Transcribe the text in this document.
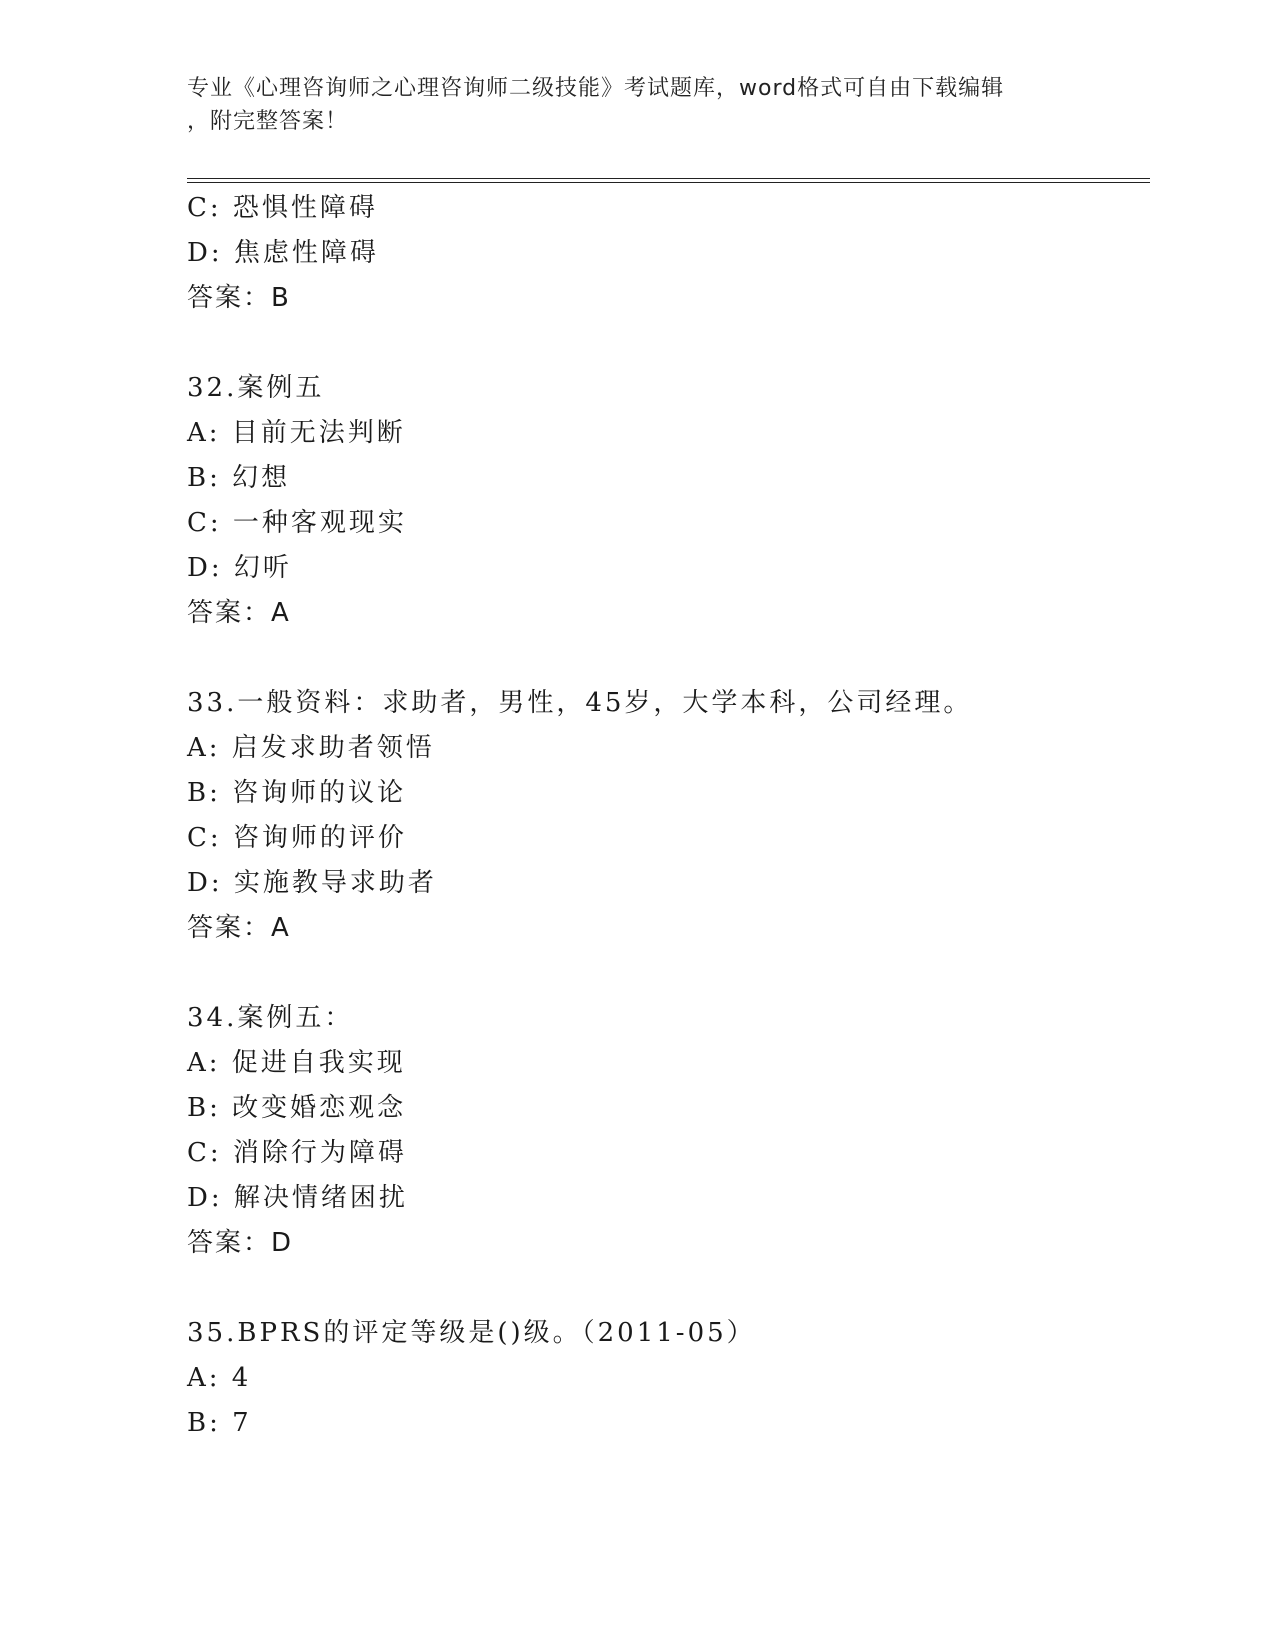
专业《心理咨询师之心理咨询师二级技能》考试题库，word格式可自由下载编辑
，附完整答案！
C: 恐惧性障碍
D: 焦虑性障碍
答案：B
32.案例五
A: 目前无法判断
B: 幻想
C: 一种客观现实
D: 幻听
答案：A
33.一般资料：求助者，男性，45岁，大学本科，公司经理。
A: 启发求助者领悟
B: 咨询师的议论
C: 咨询师的评价
D: 实施教导求助者
答案：A
34.案例五：
A: 促进自我实现
B: 改变婚恋观念
C: 消除行为障碍
D: 解决情绪困扰
答案：D
35.BPRS的评定等级是()级。（2011-05）
A: 4
B: 7
